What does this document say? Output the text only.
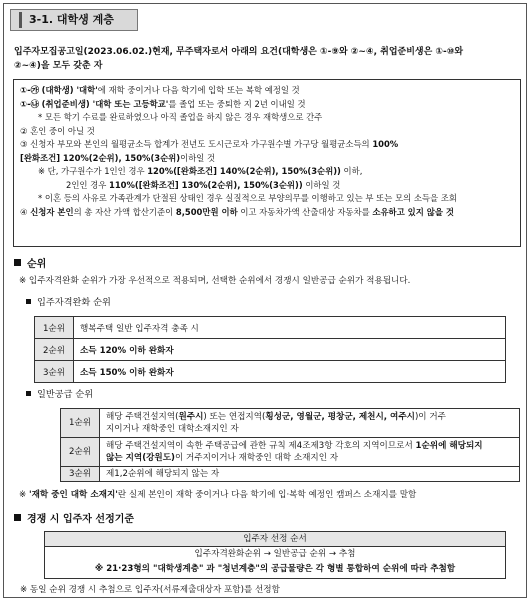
3-1. 대학생 계층
입주자모집공고일(2023.06.02.)현재, 무주택자로서 아래의 요건(대학생은 ①-⑨와 ②~④, 취업준비생은 ①-⑩와
②~④)을 모두 갖춘 자
①-㉮ (대학생) '대학'에 재학 중이거나 다음 학기에 입학 또는 복학 예정일 것
①-㉯ (취업준비생) '대학 또는 고등학교'를 졸업 또는 중퇴한 지 2년 이내일 것
* 모든 학기 수료를 완료하였으나 아직 졸업을 하지 않은 경우 재학생으로 간주
② 혼인 중이 아닐 것
③ 신청자 부모와 본인의 월평균소득 합계가 전년도 도시근로자 가구원수별 가구당 월평균소득의 100%
[완화조건] 120%(2순위), 150%(3순위)이하일 것
※ 단, 가구원수가 1인인 경우 120%([완화조건] 140%(2순위), 150%(3순위)) 이하,
2인인 경우 110%([완화조건] 130%(2순위), 150%(3순위)) 이하일 것
* 이혼 등의 사유로 가족관계가 단절된 상태인 경우 실질적으로 부양의무를 이행하고 있는 부 또는 모의 소득을 조회
④ 신청자 본인의 총 자산 가액 합산기준이 8,500만원 이하 이고 자동차가액 산출대상 자동차를 소유하고 있지 않을 것
순위
※ 입주자격완화 순위가 가장 우선적으로 적용되며, 선택한 순위에서 경쟁시 일반공급 순위가 적용됩니다.
입주자격완화 순위
1순위	행복주택 일반 입주자격 충족 시
2순위	소득 120% 이하 완화자
3순위	소득 150% 이하 완화자
일반공급 순위
1순위	해당 주택건설지역(원주시) 또는 연접지역(횡성군, 영월군, 평창군, 제천시, 여주시)이 거주
지이거나 재학중인 대학소재지인 자

2순위	해당 주택건설지역이 속한 주택공급에 관한 규칙 제4조제3항 각호의 지역이므로서 1순위에 해당되지
않는 지역(강원도)이 거주지이거나 재학중인 대학 소재지인 자

3순위	제1,2순위에 해당되지 않는 자
※ '재학 중인 대학 소재지'란 실제 본인이 재학 중이거나 다음 학기에 입·복학 예정인 캠퍼스 소재지를 말함
경쟁 시 입주자 선정기준
입주자 선정 순서
입주자격완화순위 → 일반공급 순위 → 추첨
※ 21·23형의 "대학생계층" 과 "청년계층"의 공급물량은 각 형별 통합하여 순위에 따라 추첨함
※ 동일 순위 경쟁 시 추첨으로 입주자(서류제출대상자 포함)를 선정함
